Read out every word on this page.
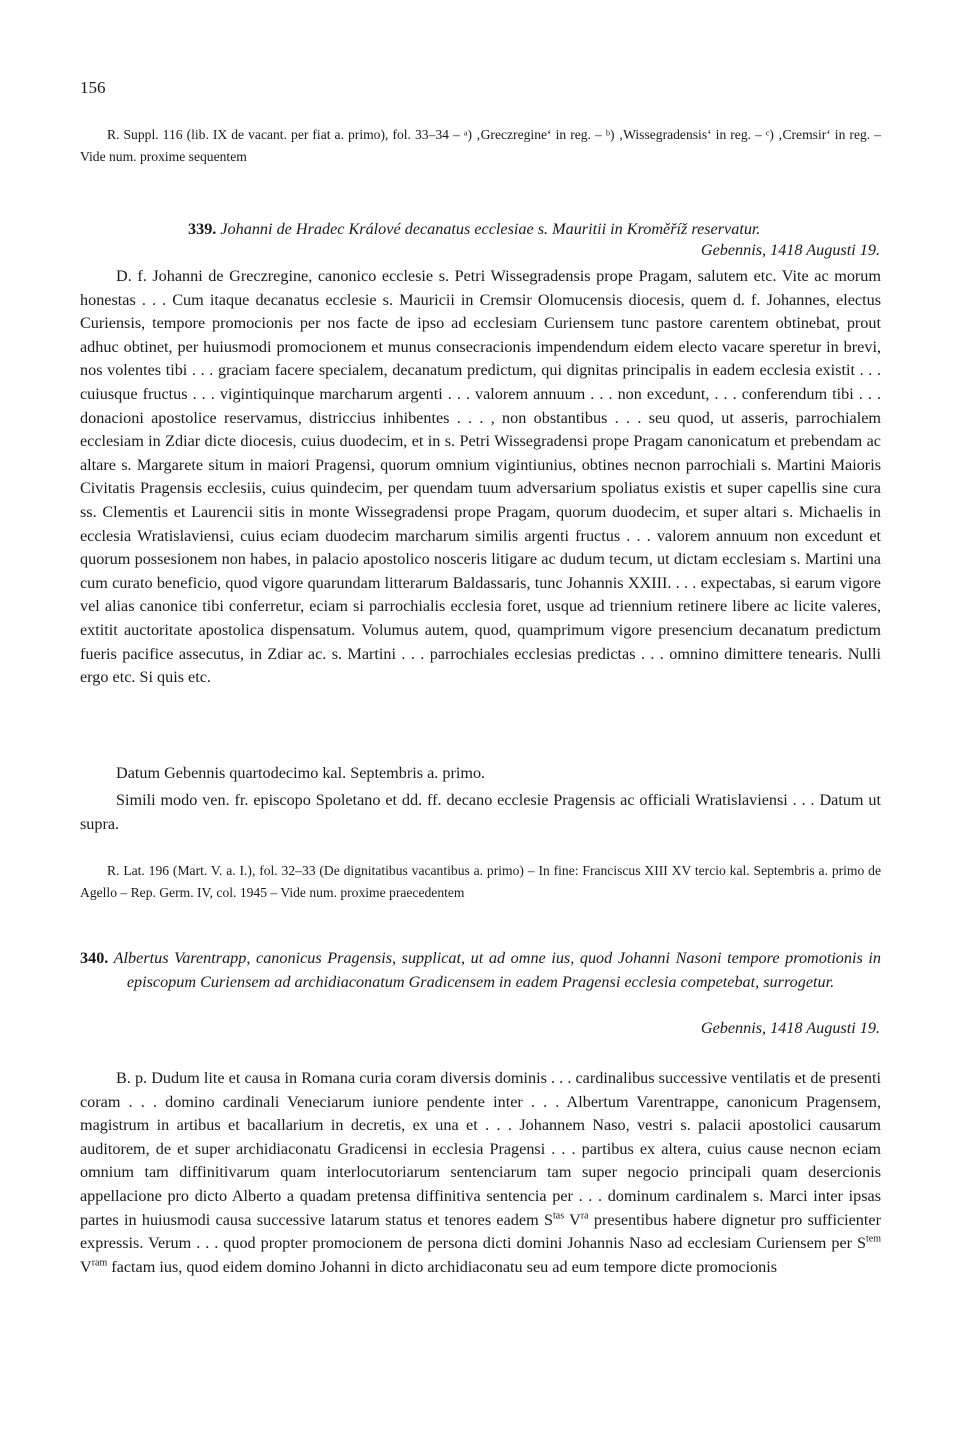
156
R. Suppl. 116 (lib. IX de vacant. per fiat a. primo), fol. 33–34 – ᵃ) ‚Greczregine‘ in reg. – ᵇ) ‚Wissegradensis‘ in reg. – ᶜ) ‚Cremsir‘ in reg. – Vide num. proxime sequentem
339. Johanni de Hradec Králové decanatus ecclesiae s. Mauritii in Kroměříž reservatur.
Gebennis, 1418 Augusti 19.
D. f. Johanni de Greczregine, canonico ecclesie s. Petri Wissegradensis prope Pragam, salutem etc. Vite ac morum honestas . . . Cum itaque decanatus ecclesie s. Mauricii in Cremsir Olomucensis diocesis, quem d. f. Johannes, electus Curiensis, tempore promocionis per nos facte de ipso ad ecclesiam Curiensem tunc pastore carentem obtinebat, prout adhuc obtinet, per huiusmodi promocionem et munus consecracionis impendendum eidem electo vacare speretur in brevi, nos volentes tibi . . . graciam facere specialem, decanatum predictum, qui dignitas principalis in eadem ecclesia existit . . . cuiusque fructus . . . vigintiquinque marcharum argenti . . . valorem annuum . . . non excedunt, . . . conferendum tibi . . . donacioni apostolice reservamus, districcius inhibentes . . . , non obstantibus . . . seu quod, ut asseris, parrochialem ecclesiam in Zdiar dicte diocesis, cuius duodecim, et in s. Petri Wissegradensi prope Pragam canonicatum et prebendam ac altare s. Margarete situm in maiori Pragensi, quorum omnium vigintiunius, obtines necnon parrochiali s. Martini Maioris Civitatis Pragensis ecclesiis, cuius quindecim, per quendam tuum adversarium spoliatus existis et super capellis sine cura ss. Clementis et Laurencii sitis in monte Wissegradensi prope Pragam, quorum duodecim, et super altari s. Michaelis in ecclesia Wratislaviensi, cuius eciam duodecim marcharum similis argenti fructus . . . valorem annuum non excedunt et quorum possesionem non habes, in palacio apostolico nosceris litigare ac dudum tecum, ut dictam ecclesiam s. Martini una cum curato beneficio, quod vigore quarundam litterarum Baldassaris, tunc Johannis XXIII. . . . expectabas, si earum vigore vel alias canonice tibi conferretur, eciam si parrochialis ecclesia foret, usque ad triennium retinere libere ac licite valeres, extitit auctoritate apostolica dispensatum. Volumus autem, quod, quamprimum vigore presencium decanatum predictum fueris pacifice assecutus, in Zdiar ac. s. Martini . . . parrochiales ecclesias predictas . . . omnino dimittere tenearis. Nulli ergo etc. Si quis etc.
Datum Gebennis quartodecimo kal. Septembris a. primo.
Simili modo ven. fr. episcopo Spoletano et dd. ff. decano ecclesie Pragensis ac officiali Wratislaviensi . . . Datum ut supra.
R. Lat. 196 (Mart. V. a. I.), fol. 32–33 (De dignitatibus vacantibus a. primo) – In fine: Franciscus XIII XV tercio kal. Septembris a. primo de Agello – Rep. Germ. IV, col. 1945 – Vide num. proxime praecedentem
340. Albertus Varentrapp, canonicus Pragensis, supplicat, ut ad omne ius, quod Johanni Nasoni tempore promotionis in episcopum Curiensem ad archidiaconatum Gradicensem in eadem Pragensi ecclesia competebat, surrogetur.
Gebennis, 1418 Augusti 19.
B. p. Dudum lite et causa in Romana curia coram diversis dominis . . . cardinalibus successive ventilatis et de presenti coram . . . domino cardinali Veneciarum iuniore pendente inter . . . Albertum Varentrappe, canonicum Pragensem, magistrum in artibus et bacallarium in decretis, ex una et . . . Johannem Naso, vestri s. palacii apostolici causarum auditorem, de et super archidiaconatu Gradicensi in ecclesia Pragensi . . . partibus ex altera, cuius cause necnon eciam omnium tam diffinitivarum quam interlocutoriarum sentenciarum tam super negocio principali quam desercionis appellacione pro dicto Alberto a quadam pretensa diffinitiva sentencia per . . . dominum cardinalem s. Marci inter ipsas partes in huiusmodi causa successive latarum status et tenores eadem $S^{tas}$ $V^{ra}$ presentibus habere dignetur pro sufficienter expressis. Verum . . . quod propter promocionem de persona dicti domini Johannis Naso ad ecclesiam Curiensem per $S^{tem}$ $V^{ram}$ factam ius, quod eidem domino Johanni in dicto archidiaconatu seu ad eum tempore dicte promocionis
